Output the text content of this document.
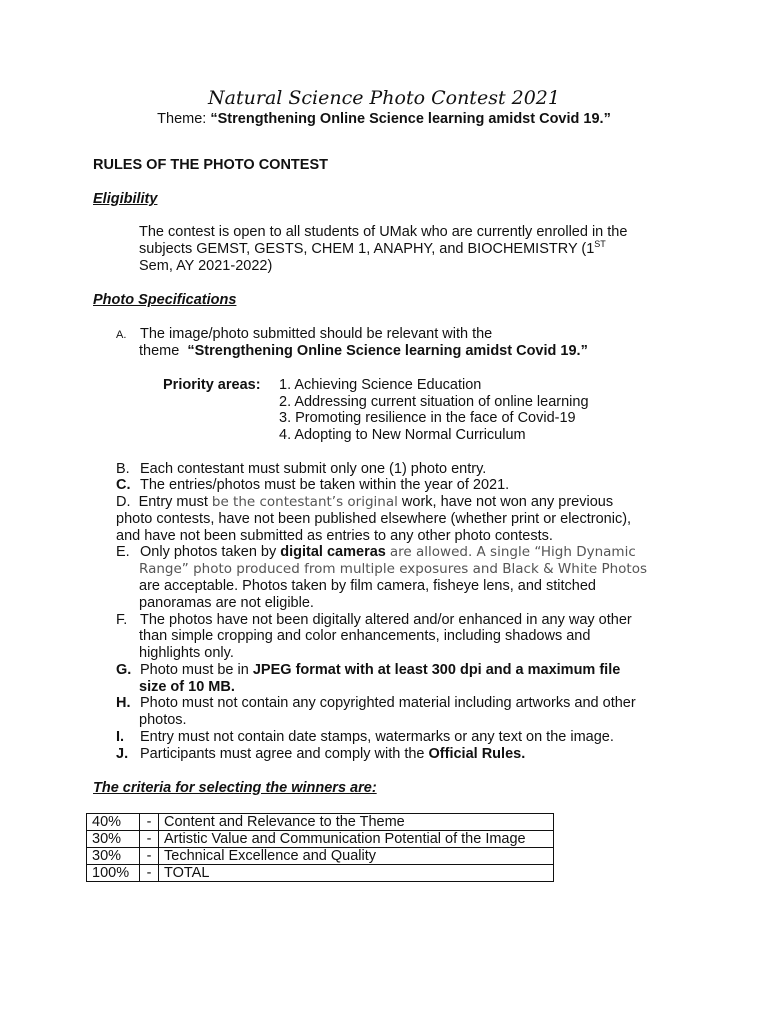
Natural Science Photo Contest 2021
Theme: “Strengthening Online Science learning amidst Covid 19.”
RULES OF THE PHOTO CONTEST
Eligibility
The contest is open to all students of UMak who are currently enrolled in the
subjects GEMST, GESTS, CHEM 1, ANAPHY, and BIOCHEMISTRY (1ST
Sem, AY 2021-2022)
Photo Specifications
A. The image/photo submitted should be relevant with the
theme “Strengthening Online Science learning amidst Covid 19.”
Priority areas: 1. Achieving Science Education
2. Addressing current situation of online learning
3. Promoting resilience in the face of Covid-19
4. Adopting to New Normal Curriculum
B. Each contestant must submit only one (1) photo entry.
C. The entries/photos must be taken within the year of 2021.
D. Entry must be the contestant’s original work, have not won any previous
photo contests, have not been published elsewhere (whether print or electronic),
and have not been submitted as entries to any other photo contests.
E. Only photos taken by digital cameras are allowed. A single “High Dynamic
Range” photo produced from multiple exposures and Black & White Photos
are acceptable. Photos taken by film camera, fisheye lens, and stitched
panoramas are not eligible.
F. The photos have not been digitally altered and/or enhanced in any way other
than simple cropping and color enhancements, including shadows and
highlights only.
G. Photo must be in JPEG format with at least 300 dpi and a maximum file
size of 10 MB.
H. Photo must not contain any copyrighted material including artworks and other
photos.
I. Entry must not contain date stamps, watermarks or any text on the image.
J. Participants must agree and comply with the Official Rules.
The criteria for selecting the winners are:
40%	-	Content and Relevance to the Theme
30%	-	Artistic Value and Communication Potential of the Image
30%	-	Technical Excellence and Quality
100%	-	TOTAL
